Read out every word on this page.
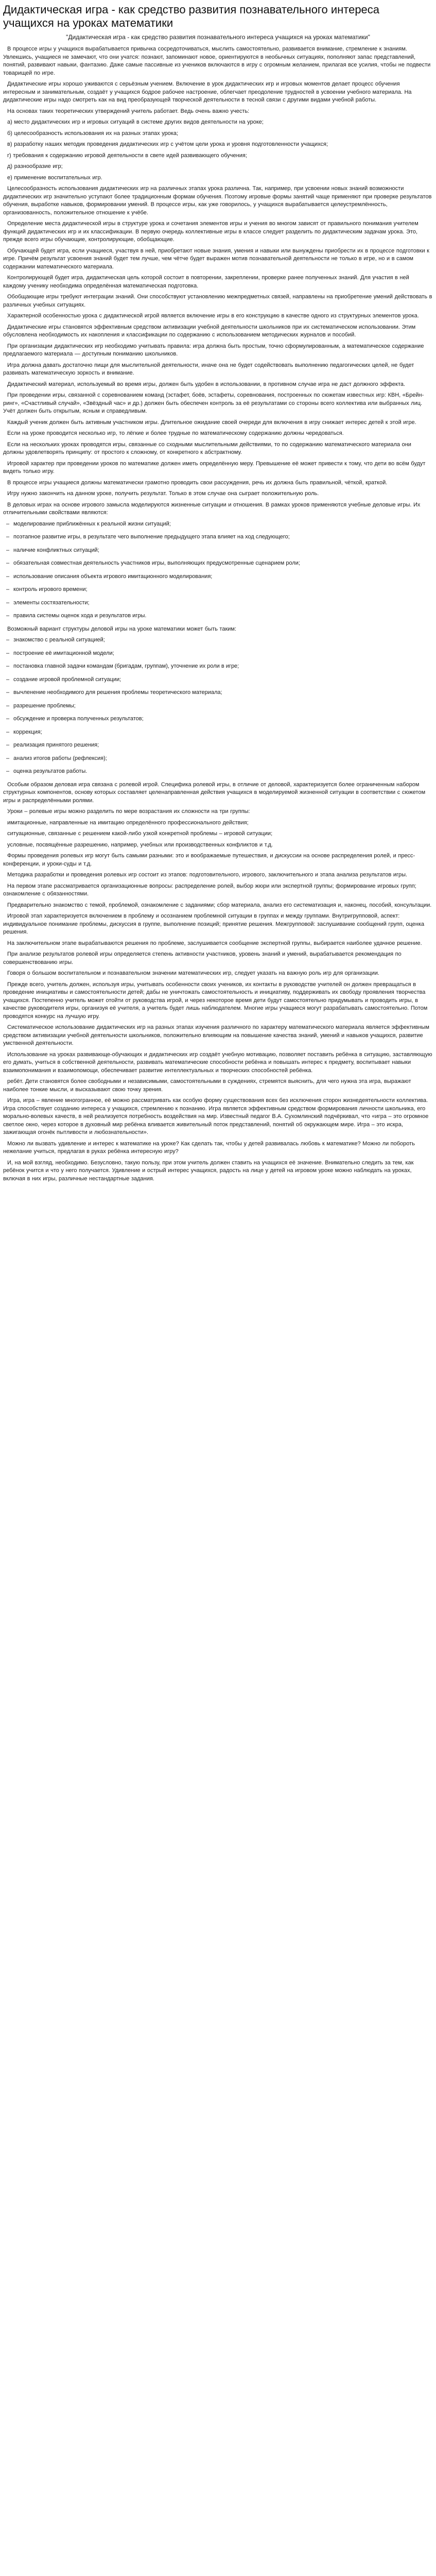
Дидактическая игра - как средство развития познавательного интереса учащихся на уроках математики
"Дидактическая игра - как средство развития познавательного интереса учащихся на уроках математики"

В процессе игры у учащихся вырабатывается привычка сосредоточиваться, мыслить самостоятельно, развивается внимание, стремление к знаниям. Увлекшись, учащиеся не замечают, что они учатся: познают, запоминают новое, ориентируются в необычных ситуациях, пополняют запас представлений, понятий, развивают навыки, фантазию. Даже самые пассивные из учеников включаются в игру с огромным желанием, прилагая все усилия, чтобы не подвести товарищей по игре.

Дидактические игры хорошо уживаются с серьёзным учением. Включение в урок дидактических игр и игровых моментов делает процесс обучения интересным и занимательным, создаёт у учащихся бодрое рабочее настроение, облегчает преодоление трудностей в усвоении учебного материала. На дидактические игры надо смотреть как на вид преобразующей творческой деятельности в тесной связи с другими видами учебной работы.

На основах таких теоретических утверждений учитель работает. Ведь очень важно учесть:

а) место дидактических игр и игровых ситуаций в системе других видов деятельности на уроке;

б) целесообразность использования их на разных этапах урока;

в) разработку наших методик проведения дидактических игр с учётом цели урока и уровня подготовленности учащихся;

г) требования к содержанию игровой деятельности в свете идей развивающего обучения;

д) разнообразие игр;

е) применение воспитательных игр.

Целесообразность использования дидактических игр на различных этапах урока различна. Так, например, при усвоении новых знаний возможности дидактических игр значительно уступают более традиционным формам обучения. Поэтому игровые формы занятий чаще применяют при проверке результатов обучения, выработке навыков, формировании умений. В процессе игры, как уже говорилось, у учащихся вырабатывается целеустремлённость, организованность, положительное отношение к учёбе.

Определение места дидактической игры в структуре урока и сочетания элементов игры и учения во многом зависят от правильного понимания учителем функций дидактических игр и их классификации. В первую очередь коллективные игры в классе следует разделить по дидактическим задачам урока. Это, прежде всего игры обучающие, контролирующие, обобщающие.

Обучающей будет игра, если учащиеся, участвуя в ней, приобретают новые знания, умения и навыки или вынуждены приобрести их в процессе подготовки к игре. Причём результат усвоения знаний будет тем лучше, чем чётче будет выражен мотив познавательной деятельности не только в игре, но и в самом содержании математического материала.

Контролирующей будет игра, дидактическая цель которой состоит в повторении, закреплении, проверке ранее полученных знаний. Для участия в ней каждому ученику необходима определённая математическая подготовка.

Обобщающие игры требуют интеграции знаний. Они способствуют установлению межпредметных связей, направлены на приобретение умений действовать в различных учебных ситуациях.

Характерной особенностью урока с дидактической игрой является включение игры в его конструкцию в качестве одного из структурных элементов урока.

Дидактические игры становятся эффективным средством активизации учебной деятельности школьников при их систематическом использовании. Этим обусловлена необходимость их накопления и классификации по содержанию с использованием методических журналов и пособий.

При организации дидактических игр необходимо учитывать правила: игра должна быть простым, точно сформулированным, а математическое содержание предлагаемого материала — доступным пониманию школьников.

Игра должна давать достаточно пищи для мыслительной деятельности, иначе она не будет содействовать выполнению педагогических целей, не будет развивать математическую зоркость и внимание.

Дидактический материал, используемый во время игры, должен быть удобен в использовании, в противном случае игра не даст должного эффекта.

При проведении игры, связанной с соревнованием команд (эстафет, боёв, эстафеты, соревнования, построенных по сюжетам известных игр: КВН, «Брейн-ринг», «Счастливый случай», «Звёздный час» и др.) должен быть обеспечен контроль за её результатами со стороны всего коллектива или выбранных лиц. Учёт должен быть открытым, ясным и справедливым.

Каждый ученик должен быть активным участником игры. Длительное ожидание своей очереди для включения в игру снижает интерес детей к этой игре.

Если на уроке проводится несколько игр, то лёгкие и более трудные по математическому содержанию должны чередоваться.

Если на нескольких уроках проводятся игры, связанные со сходными мыслительными действиями, то по содержанию математического материала они должны удовлетворять принципу: от простого к сложному, от конкретного к абстрактному.

Игровой характер при проведении уроков по математике должен иметь определённую меру. Превышение её может привести к тому, что дети во всём будут видеть только игру.

В процессе игры учащиеся должны математически грамотно проводить свои рассуждения, речь их должна быть правильной, чёткой, краткой.

Игру нужно закончить на данном уроке, получить результат. Только в этом случае она сыграет положительную роль.

В деловых играх на основе игрового замысла моделируются жизненные ситуации и отношения. В рамках уроков применяются учебные деловые игры. Их отличительными свойствами являются:

– моделирование приближённых к реальной жизни ситуаций;
– поэтапное развитие игры, в результате чего выполнение предыдущего этапа влияет на ход следующего;
– наличие конфликтных ситуаций;
– обязательная совместная деятельность участников игры, выполняющих предусмотренные сценарием роли;
– использование описания объекта игрового имитационного моделирования;
– контроль игрового времени;
– элементы состязательности;
– правила системы оценок хода и результатов игры.

Возможный вариант структуры деловой игры на уроке математики может быть таким:

– знакомство с реальной ситуацией;
– построение её имитационной модели;
– постановка главной задачи командам (бригадам, группам), уточнение их роли в игре;
– создание игровой проблемной ситуации;
– вычленение необходимого для решения проблемы теоретического материала;
– разрешение проблемы;
– обсуждение и проверка полученных результатов;
– коррекция;
– реализация принятого решения;
– анализ итогов работы (рефлексия);
– оценка результатов работы.

Особым образом деловая игра связана с ролевой игрой. Специфика ролевой игры, в отличие от деловой, характеризуется более ограниченным набором структурных компонентов, основу которых составляет целенаправленная действия учащихся в моделируемой жизненной ситуации в соответствии с сюжетом игры и распределёнными ролями.

Уроки – ролевые игры можно разделить по мере возрастания их сложности на три группы:

имитационные, направленные на имитацию определённого профессионального действия;

ситуационные, связанные с решением какой-либо узкой конкретной проблемы – игровой ситуации;

условные, посвящённые разрешению, например, учебных или производственных конфликтов и т.д.

Формы проведения ролевых игр могут быть самыми разными: это и воображаемые путешествия, и дискуссии на основе распределения ролей, и пресс-конференции, и уроки-суды и т.д.

Методика разработки и проведения ролевых игр состоит из этапов: подготовительного, игрового, заключительного и этапа анализа результатов игры.

На первом этапе рассматривается организационные вопросы: распределение ролей, выбор жюри или экспертной группы; формирование игровых групп; ознакомление с обязанностями.

Предварительно знакомство с темой, проблемой, ознакомление с заданиями; сбор материала, анализ его систематизация и, наконец, пособий, консультации.

Игровой этап характеризуется включением в проблему и осознанием проблемной ситуации в группах и между группами. Внутригрупповой, аспект: индивидуальное понимание проблемы, дискуссия в группе, выполнение позиций; принятие решения. Межгрупповой: заслушивание сообщений групп, оценка решения.

На заключительном этапе вырабатываются решения по проблеме, заслушивается сообщение экспертной группы, выбирается наиболее удачное решение.

При анализе результатов ролевой игры определяется степень активности участников, уровень знаний и умений, вырабатывается рекомендация по совершенствованию игры.

Говоря о большом воспитательном и познавательном значении математических игр, следует указать на важную роль игр для организации.

Прежде всего, учитель должен, используя игры, учитывать особенности своих учеников, их контакты в руководстве учителей он должен превращаться в проведение инициативы и самостоятельности детей; дабы не уничтожать самостоятельность и инициативу, поддерживать их свободу проявления творчества учащихся. Постепенно учитель может отойти от руководства игрой, и через некоторое время дети будут самостоятельно придумывать и проводить игры, в качестве руководителя игры, организуя её учителя, а учитель будет лишь наблюдателем. Многие игры учащиеся могут разрабатывать самостоятельно. Потом проводятся конкурс на лучшую игру.

Систематическое использование дидактических игр на разных этапах изучения различного по характеру математического материала является эффективным средством активизации учебной деятельности школьников, положительно влияющим на повышение качества знаний, умений и навыков учащихся, развитие умственной деятельности.

Использование на уроках развивающе-обучающих и дидактических игр создаёт учебную мотивацию, позволяет поставить ребёнка в ситуацию, заставляющую его думать, учиться в собственной деятельности, развивать математические способности ребёнка и повышать интерес к предмету, воспитывает навыки взаимопонимания и взаимопомощи, обеспечивает развитие интеллектуальных и творческих способностей ребёнка.

ребёт. Дети становятся более свободными и независимыми, самостоятельными в суждениях, стремятся выяснить, для чего нужна эта игра, выражают наиболее тонкие мысли, и высказывают свою точку зрения.

Игра, игра – явление многогранное, её можно рассматривать как особую форму существования всех без исключения сторон жизнедеятельности коллектива. Игра способствует созданию интереса у учащихся, стремлению к познанию. Игра является эффективным средством формирования личности школьника, его морально-волевых качеств, в ней реализуется потребность воздействия на мир. Известный педагог В.А. Сухомлинский подчёркивал, что «игра – это огромное светлое окно, через которое в духовный мир ребёнка вливается живительный поток представлений, понятий об окружающем мире. Игра – это искра, зажигающая огонёк пытливости и любознательности».

Можно ли вызвать удивление и интерес к математике на уроке? Как сделать так, чтобы у детей развивалась любовь к математике? Можно ли побороть нежелание учиться, предлагая в руках ребёнка интересную игру?

И, на мой взгляд, необходимо. Безусловно, такую пользу, при этом учитель должен ставить на учащихся её значение. Внимательно следить за тем, как ребёнок учится и что у него получается. Удивление и острый интерес учащихся, радость на лице у детей на игровом уроке можно наблюдать на уроках, включая в них игры, различные нестандартные задания.
